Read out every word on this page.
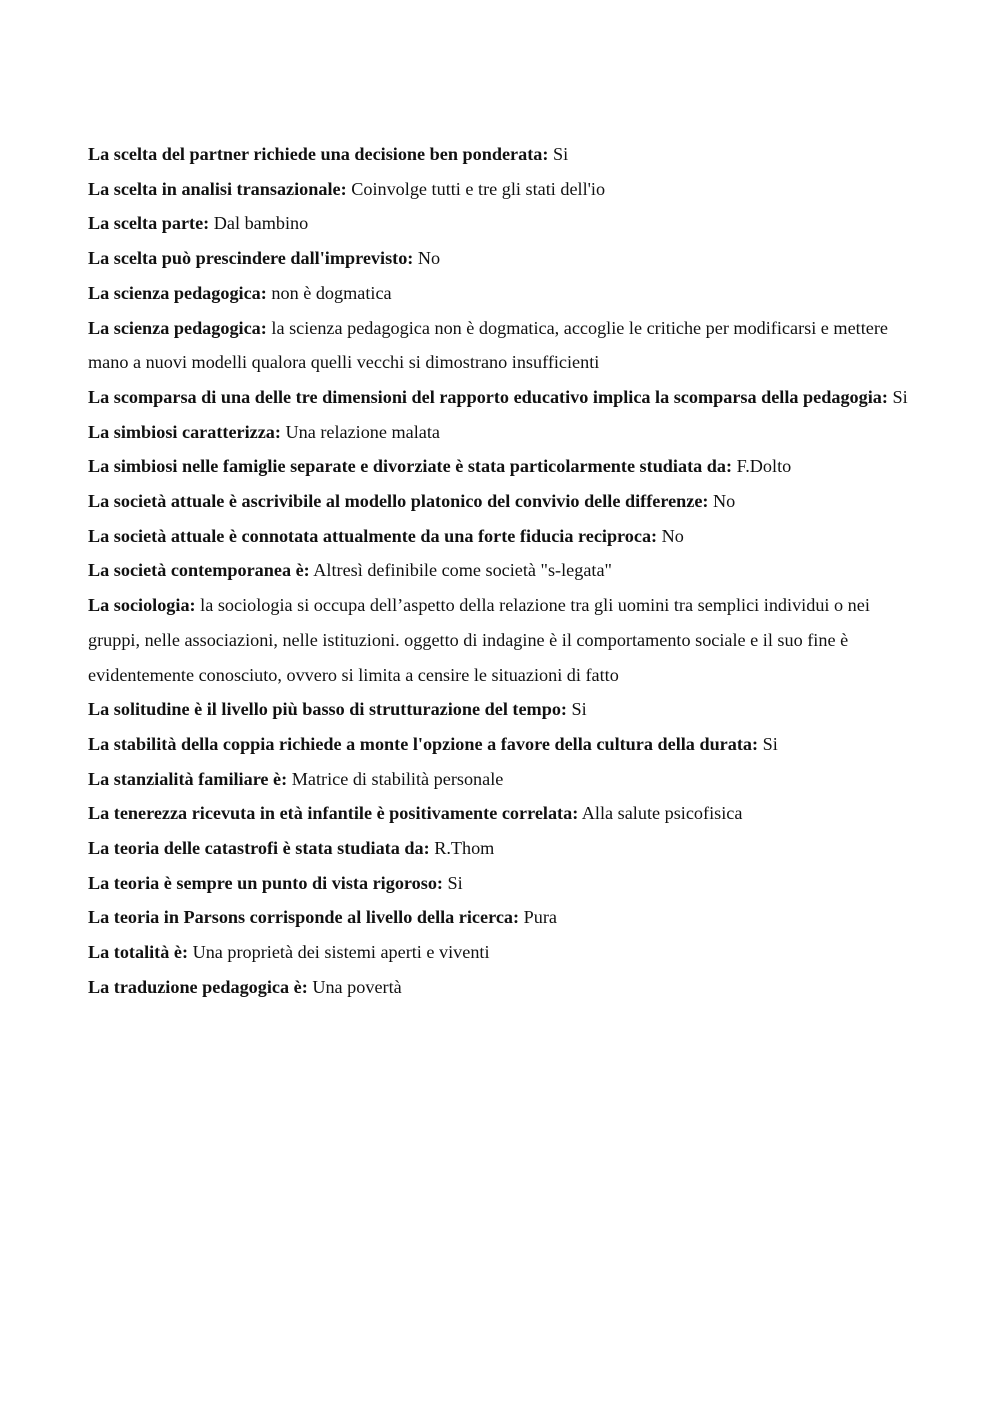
La scelta del partner richiede una decisione ben ponderata: Si

La scelta in analisi transazionale: Coinvolge tutti e tre gli stati dell'io

La scelta parte: Dal bambino

La scelta può prescindere dall'imprevisto: No

La scienza pedagogica: non è dogmatica

La scienza pedagogica: la scienza pedagogica non è dogmatica, accoglie le critiche per modificarsi e mettere mano a nuovi modelli qualora quelli vecchi si dimostrano insufficienti

La scomparsa di una delle tre dimensioni del rapporto educativo implica la scomparsa della pedagogia: Si

La simbiosi caratterizza: Una relazione malata

La simbiosi nelle famiglie separate e divorziate è stata particolarmente studiata da: F.Dolto

La società attuale è ascrivibile al modello platonico del convivio delle differenze: No

La società attuale è connotata attualmente da una forte fiducia reciproca: No

La società contemporanea è: Altresì definibile come società "s-legata"

La sociologia: la sociologia si occupa dell’aspetto della relazione tra gli uomini tra semplici individui o nei gruppi, nelle associazioni, nelle istituzioni. oggetto di indagine è il comportamento sociale e il suo fine è evidentemente conosciuto, ovvero si limita a censire le situazioni di fatto

La solitudine è il livello più basso di strutturazione del tempo: Si

La stabilità della coppia richiede a monte l'opzione a favore della cultura della durata: Si

La stanzialità familiare è: Matrice di stabilità personale

La tenerezza ricevuta in età infantile è positivamente correlata: Alla salute psicofisica

La teoria delle catastrofi è stata studiata da: R.Thom

La teoria è sempre un punto di vista rigoroso: Si

La teoria in Parsons corrisponde al livello della ricerca: Pura

La totalità è: Una proprietà dei sistemi aperti e viventi

La traduzione pedagogica è: Una povertà
